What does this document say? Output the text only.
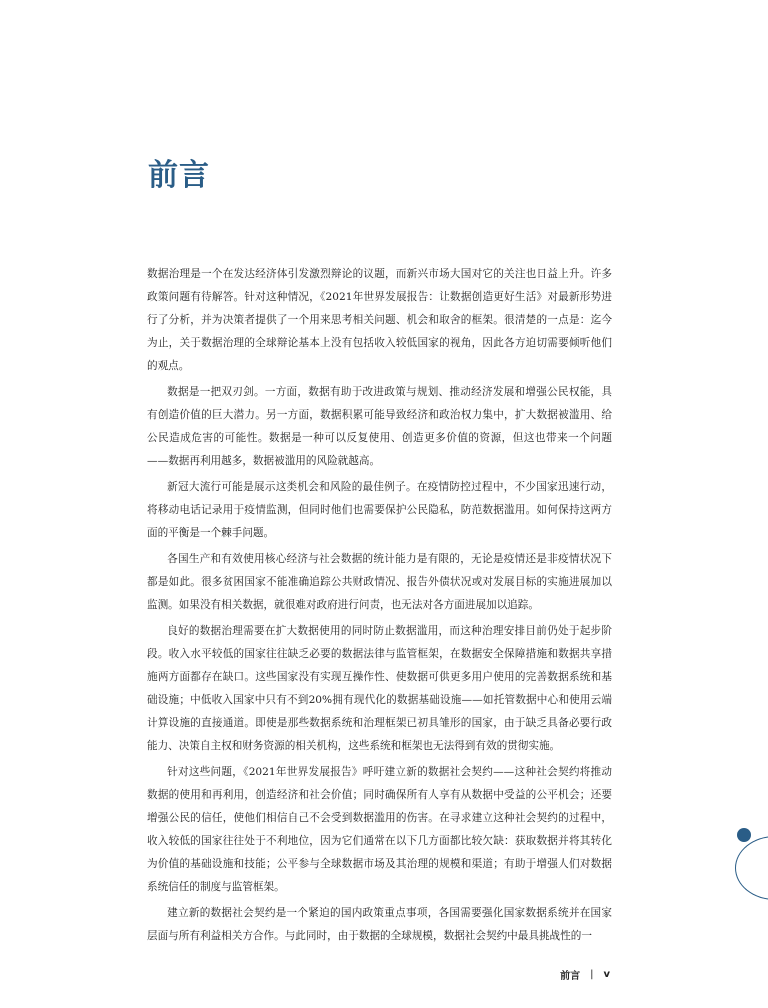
前言

数据治理是一个在发达经济体引发激烈辩论的议题，而新兴市场大国对它的关注也日益上升。许多政策问题有待解答。针对这种情况，《2021年世界发展报告：让数据创造更好生活》对最新形势进行了分析，并为决策者提供了一个用来思考相关问题、机会和取舍的框架。很清楚的一点是：迄今为止，关于数据治理的全球辩论基本上没有包括收入较低国家的视角，因此各方迫切需要倾听他们的观点。

数据是一把双刃剑。一方面，数据有助于改进政策与规划、推动经济发展和增强公民权能，具有创造价值的巨大潜力。另一方面，数据积累可能导致经济和政治权力集中，扩大数据被滥用、给公民造成危害的可能性。数据是一种可以反复使用、创造更多价值的资源，但这也带来一个问题——数据再利用越多，数据被滥用的风险就越高。

新冠大流行可能是展示这类机会和风险的最佳例子。在疫情防控过程中，不少国家迅速行动，将移动电话记录用于疫情监测，但同时他们也需要保护公民隐私，防范数据滥用。如何保持这两方面的平衡是一个棘手问题。

各国生产和有效使用核心经济与社会数据的统计能力是有限的，无论是疫情还是非疫情状况下都是如此。很多贫困国家不能准确追踪公共财政情况、报告外债状况或对发展目标的实施进展加以监测。如果没有相关数据，就很难对政府进行问责，也无法对各方面进展加以追踪。

良好的数据治理需要在扩大数据使用的同时防止数据滥用，而这种治理安排目前仍处于起步阶段。收入水平较低的国家往往缺乏必要的数据法律与监管框架，在数据安全保障措施和数据共享措施两方面都存在缺口。这些国家没有实现互操作性、使数据可供更多用户使用的完善数据系统和基础设施；中低收入国家中只有不到20%拥有现代化的数据基础设施——如托管数据中心和使用云端计算设施的直接通道。即使是那些数据系统和治理框架已初具雏形的国家，由于缺乏具备必要行政能力、决策自主权和财务资源的相关机构，这些系统和框架也无法得到有效的贯彻实施。

针对这些问题，《2021年世界发展报告》呼吁建立新的数据社会契约——这种社会契约将推动数据的使用和再利用，创造经济和社会价值；同时确保所有人享有从数据中受益的公平机会；还要增强公民的信任，使他们相信自己不会受到数据滥用的伤害。在寻求建立这种社会契约的过程中，收入较低的国家往往处于不利地位，因为它们通常在以下几方面都比较欠缺：获取数据并将其转化为价值的基础设施和技能；公平参与全球数据市场及其治理的规模和渠道；有助于增强人们对数据系统信任的制度与监管框架。

建立新的数据社会契约是一个紧迫的国内政策重点事项，各国需要强化国家数据系统并在国家层面与所有利益相关方合作。与此同时，由于数据的全球规模，数据社会契约中最具挑战性的一

前言 | v
